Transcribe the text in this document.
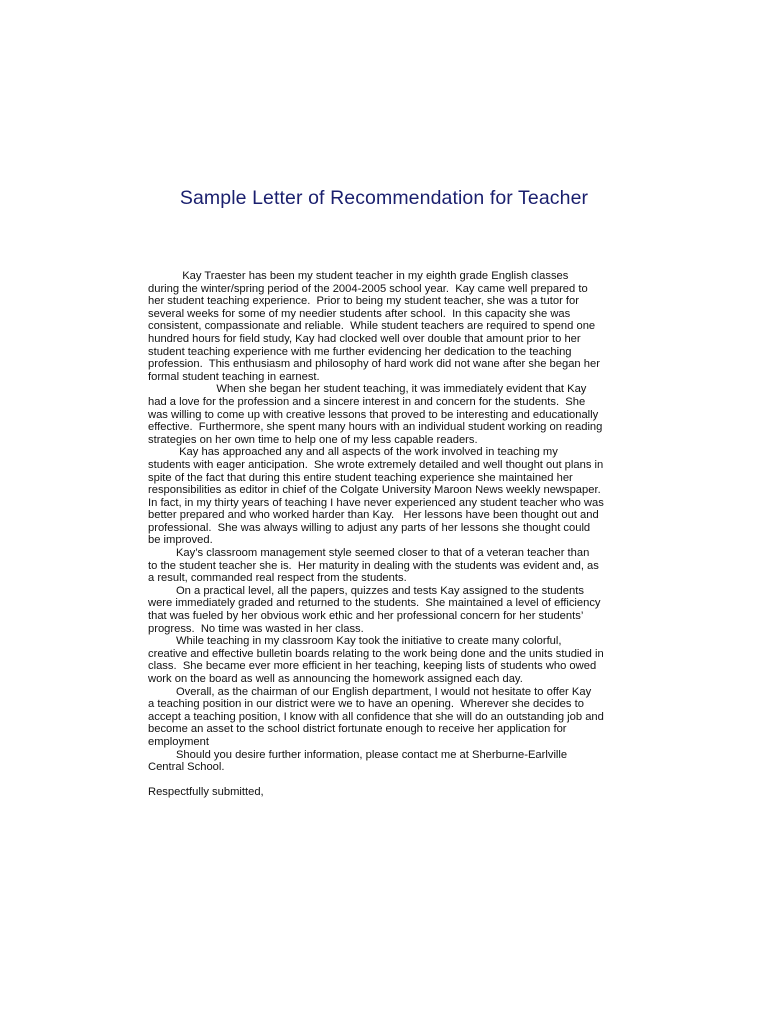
Sample Letter of Recommendation for Teacher
Kay Traester has been my student teacher in my eighth grade English classes
during the winter/spring period of the 2004-2005 school year.  Kay came well prepared to
her student teaching experience.  Prior to being my student teacher, she was a tutor for
several weeks for some of my needier students after school.  In this capacity she was
consistent, compassionate and reliable.  While student teachers are required to spend one
hundred hours for field study, Kay had clocked well over double that amount prior to her
student teaching experience with me further evidencing her dedication to the teaching
profession.  This enthusiasm and philosophy of hard work did not wane after she began her
formal student teaching in earnest.
When she began her student teaching, it was immediately evident that Kay
had a love for the profession and a sincere interest in and concern for the students.  She
was willing to come up with creative lessons that proved to be interesting and educationally
effective.  Furthermore, she spent many hours with an individual student working on reading
strategies on her own time to help one of my less capable readers.
Kay has approached any and all aspects of the work involved in teaching my
students with eager anticipation.  She wrote extremely detailed and well thought out plans in
spite of the fact that during this entire student teaching experience she maintained her
responsibilities as editor in chief of the Colgate University Maroon News weekly newspaper.
In fact, in my thirty years of teaching I have never experienced any student teacher who was
better prepared and who worked harder than Kay.   Her lessons have been thought out and
professional.  She was always willing to adjust any parts of her lessons she thought could
be improved.
Kay’s classroom management style seemed closer to that of a veteran teacher than
to the student teacher she is.  Her maturity in dealing with the students was evident and, as
a result, commanded real respect from the students.
On a practical level, all the papers, quizzes and tests Kay assigned to the students
were immediately graded and returned to the students.  She maintained a level of efficiency
that was fueled by her obvious work ethic and her professional concern for her students’
progress.  No time was wasted in her class.
While teaching in my classroom Kay took the initiative to create many colorful,
creative and effective bulletin boards relating to the work being done and the units studied in
class.  She became ever more efficient in her teaching, keeping lists of students who owed
work on the board as well as announcing the homework assigned each day.
Overall, as the chairman of our English department, I would not hesitate to offer Kay
a teaching position in our district were we to have an opening.  Wherever she decides to
accept a teaching position, I know with all confidence that she will do an outstanding job and
become an asset to the school district fortunate enough to receive her application for
employment
Should you desire further information, please contact me at Sherburne-Earlville
Central School.
Respectfully submitted,
